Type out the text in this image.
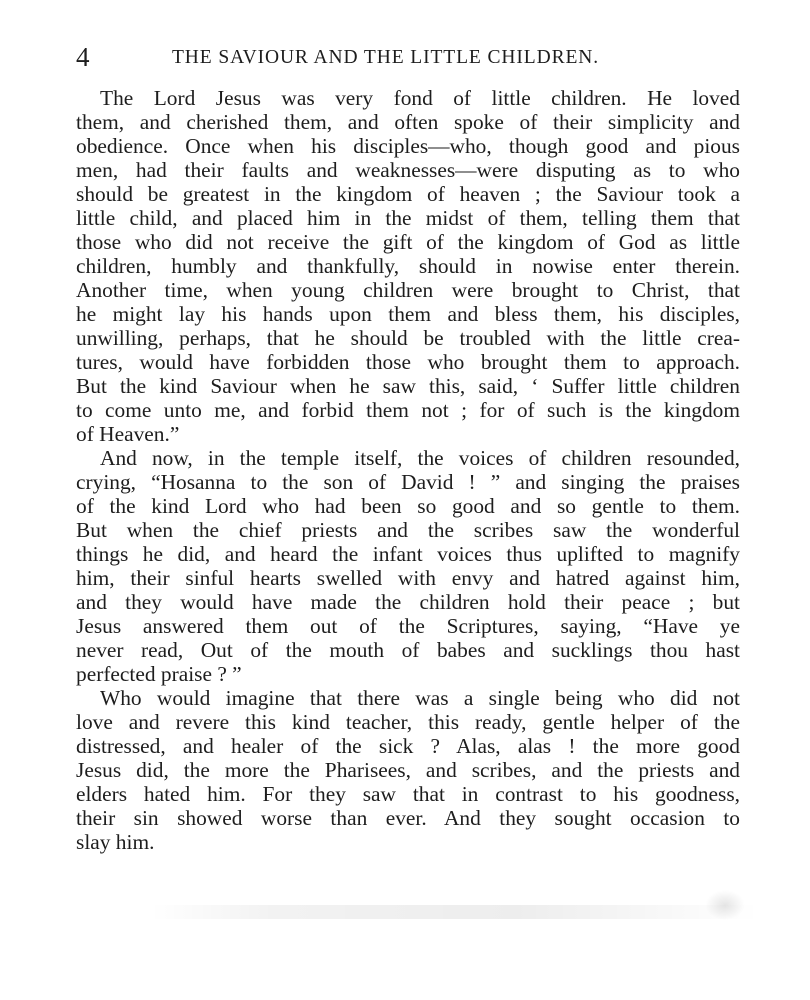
4	THE SAVIOUR AND THE LITTLE CHILDREN.
The Lord Jesus was very fond of little children. He loved
them, and cherished them, and often spoke of their simplicity and
obedience. Once when his disciples—who, though good and pious
men, had their faults and weaknesses—were disputing as to who
should be greatest in the kingdom of heaven ; the Saviour took a
little child, and placed him in the midst of them, telling them that
those who did not receive the gift of the kingdom of God as little
children, humbly and thankfully, should in nowise enter therein.
Another time, when young children were brought to Christ, that
he might lay his hands upon them and bless them, his disciples,
unwilling, perhaps, that he should be troubled with the little crea-
tures, would have forbidden those who brought them to approach.
But the kind Saviour when he saw this, said, ‘ Suffer little children
to come unto me, and forbid them not ; for of such is the kingdom
of Heaven.”
And now, in the temple itself, the voices of children resounded,
crying, “Hosanna to the son of David ! ” and singing the praises
of the kind Lord who had been so good and so gentle to them.
But when the chief priests and the scribes saw the wonderful
things he did, and heard the infant voices thus uplifted to magnify
him, their sinful hearts swelled with envy and hatred against him,
and they would have made the children hold their peace ; but
Jesus answered them out of the Scriptures, saying, “Have ye
never read, Out of the mouth of babes and sucklings thou hast
perfected praise ? ”
Who would imagine that there was a single being who did not
love and revere this kind teacher, this ready, gentle helper of the
distressed, and healer of the sick ? Alas, alas ! the more good
Jesus did, the more the Pharisees, and scribes, and the priests and
elders hated him. For they saw that in contrast to his goodness,
their sin showed worse than ever. And they sought occasion to
slay him.
